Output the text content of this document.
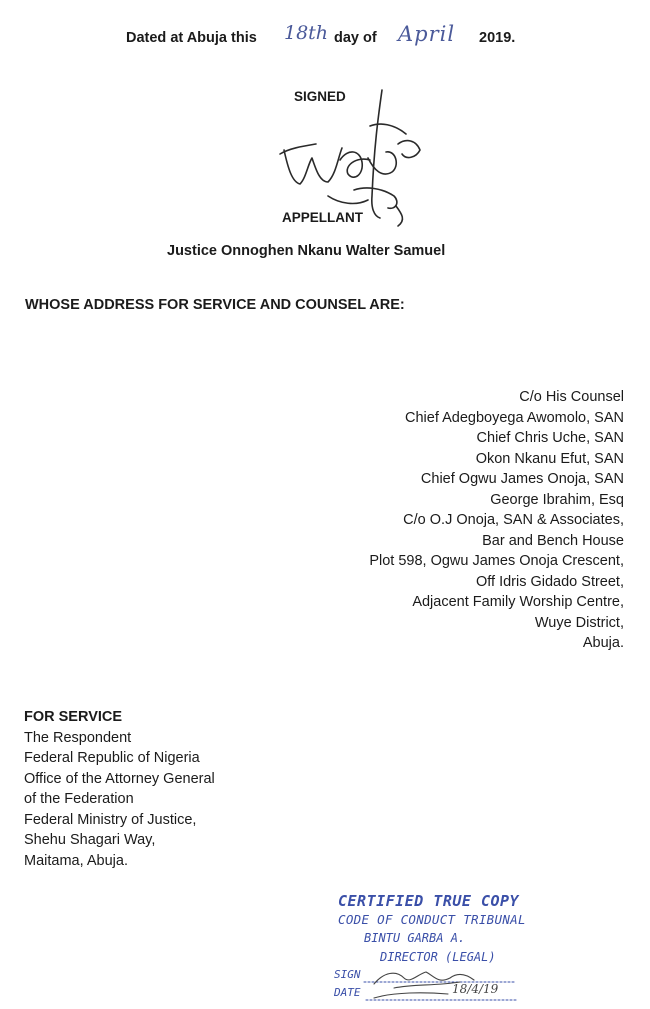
Dated at Abuja this 18th day of April 2019.
SIGNED
APPELLANT
Justice Onnoghen Nkanu Walter Samuel
WHOSE ADDRESS FOR SERVICE AND COUNSEL ARE:
C/o His Counsel
Chief Adegboyega Awomolo, SAN
Chief Chris Uche, SAN
Okon Nkanu Efut, SAN
Chief Ogwu James Onoja, SAN
George Ibrahim, Esq
C/o O.J Onoja, SAN & Associates,
Bar and Bench House
Plot 598, Ogwu James Onoja Crescent,
Off Idris Gidado Street,
Adjacent Family Worship Centre,
Wuye District,
Abuja.
FOR SERVICE
The Respondent
Federal Republic of Nigeria
Office of the Attorney General
of the Federation
Federal Ministry of Justice,
Shehu Shagari Way,
Maitama, Abuja.
CERTIFIED TRUE COPY
CODE OF CONDUCT TRIBUNAL
BINTU GARBA A.
DIRECTOR (LEGAL)
SIGN
DATE	18/4/19
